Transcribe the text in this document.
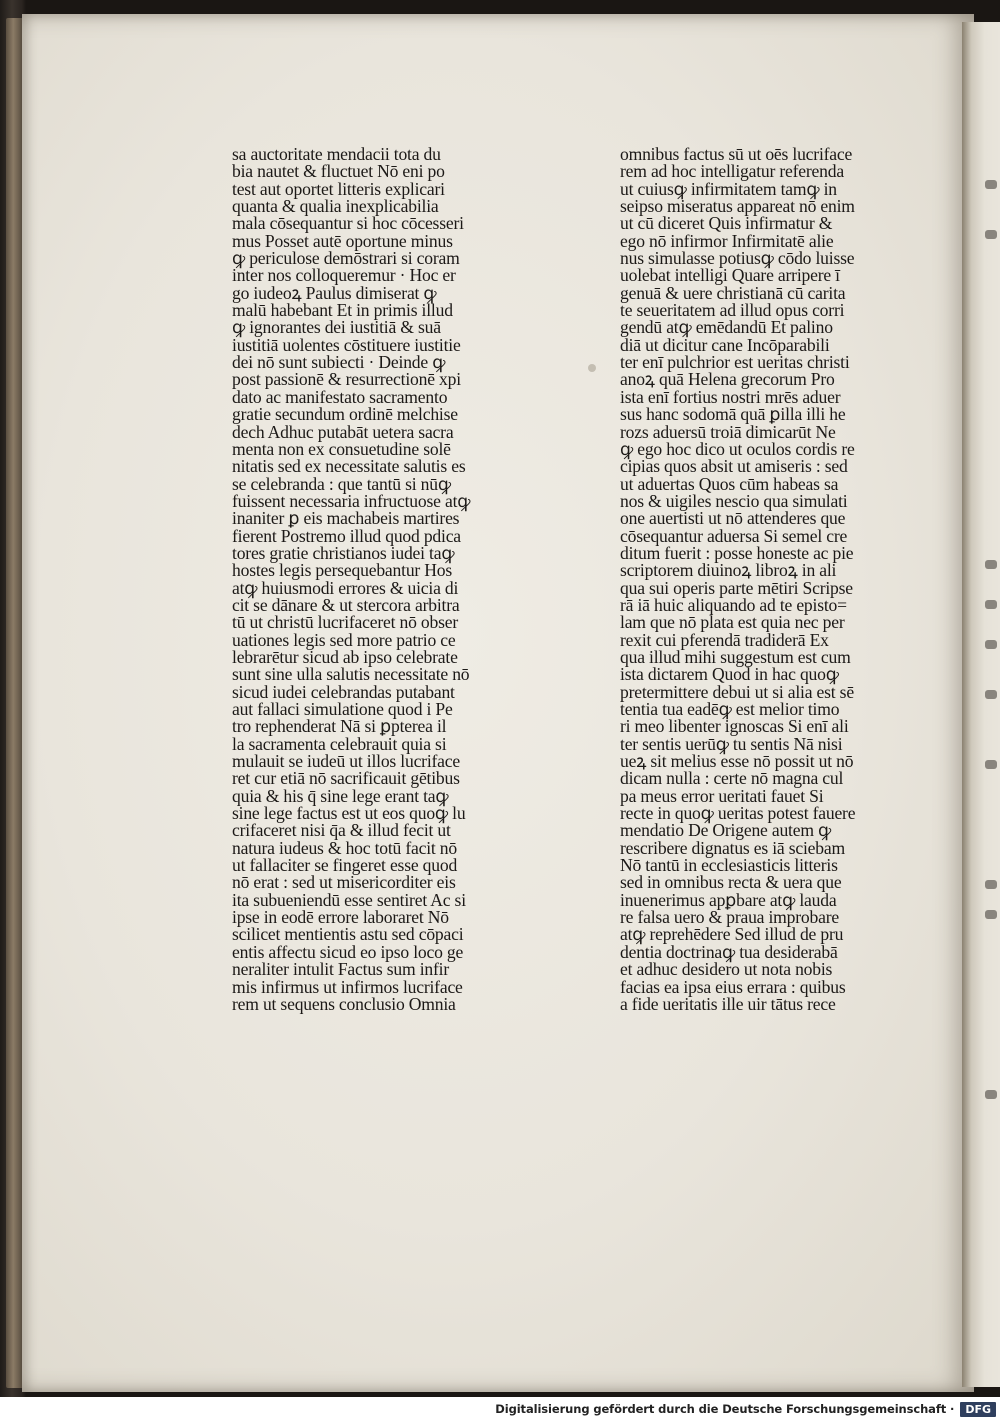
sa auctoritate mendacii tota du
bia nautet & fluctuet Nō eni po
test aut oportet litteris explicari
quanta & qualia inexplicabilia
mala cōsequantur si hoc cōcesseri
mus Posset autē oportune minus
ꝙ periculose demōstrari si coram
inter nos colloqueremur · Hoc er
go iudeoꝝ Paulus dimiserat ꝙ
malū habebant Et in primis illud
ꝙ ignorantes dei iustitiā & suā
iustitiā uolentes cōstituere iustitie
dei nō sunt subiecti · Deinde ꝙ
post passionē & resurrectionē xpi
dato ac manifestato sacramento
gratie secundum ordinē melchise
dech Adhuc putabāt uetera sacra
menta non ex consuetudine solē
nitatis sed ex necessitate salutis es
se celebranda : que tantū si nūꝙ
fuissent necessaria infructuose atꝙ
inaniter ꝑ eis machabeis martires
fierent Postremo illud quod pdica
tores gratie christianos iudei taꝙ
hostes legis persequebantur Hos
atꝙ huiusmodi errores & uicia di
cit se dānare & ut stercora arbitra
tū ut christū lucrifaceret nō obser
uationes legis sed more patrio ce
lebrarētur sicud ab ipso celebrate
sunt sine ulla salutis necessitate nō
sicud iudei celebrandas putabant
aut fallaci simulatione quod i Pe
tro rephenderat Nā si ꝑpterea il
la sacramenta celebrauit quia si
mulauit se iudeū ut illos lucriface
ret cur etiā nō sacrificauit gētibus
quia & his q̄ sine lege erant taꝙ
sine lege factus est ut eos quoꝙ lu
crifaceret nisi q̄a & illud fecit ut
natura iudeus & hoc totū facit nō
ut fallaciter se fingeret esse quod
nō erat : sed ut misericorditer eis
ita subueniendū esse sentiret Ac si
ipse in eodē errore laboraret Nō
scilicet mentientis astu sed cōpaci
entis affectu sicud eo ipso loco ge
neraliter intulit Factus sum infir
mis infirmus ut infirmos lucriface
rem ut sequens conclusio Omnia
omnibus factus sū ut oēs lucriface
rem ad hoc intelligatur referenda
ut cuiusꝙ infirmitatem tamꝙ in
seipso miseratus appareat nō enim
ut cū diceret Quis infirmatur &
ego nō infirmor Infirmitatē alie
nus simulasse potiusꝙ cōdo luisse
uolebat intelligi Quare arripere ī
genuā & uere christianā cū carita
te seueritatem ad illud opus corri
gendū atꝙ emēdandū Et palino
diā ut dicitur cane Incōparabili
ter enī pulchrior est ueritas christi
anoꝝ quā Helena grecorum Pro
ista enī fortius nostri mrēs aduer
sus hanc sodomā quā ꝑilla illi he
rozs aduersū troiā dimicarūt Ne
ꝙ ego hoc dico ut oculos cordis re
cipias quos absit ut amiseris : sed
ut aduertas Quos cūm habeas sa
nos & uigiles nescio qua simulati
one auertisti ut nō attenderes que
cōsequantur aduersa Si semel cre
ditum fuerit : posse honeste ac pie
scriptorem diuinoꝝ libroꝝ in ali
qua sui operis parte mētiri Scripse
rā iā huic aliquando ad te episto=
lam que nō plata est quia nec per
rexit cui pferendā tradiderā Ex
qua illud mihi suggestum est cum
ista dictarem Quod in hac quoꝙ
pretermittere debui ut si alia est sē
tentia tua eadēꝙ est melior timo
ri meo libenter ignoscas Si enī ali
ter sentis uerūꝙ tu sentis Nā nisi
ueꝝ sit melius esse nō possit ut nō
dicam nulla : certe nō magna cul
pa meus error ueritati fauet Si
recte in quoꝙ ueritas potest fauere
mendatio De Origene autem ꝙ
rescribere dignatus es iā sciebam
Nō tantū in ecclesiasticis litteris
sed in omnibus recta & uera que
inuenerimus apꝑbare atꝙ lauda
re falsa uero & praua improbare
atꝙ reprehēdere Sed illud de pru
dentia doctrinaꝙ tua desiderabā
et adhuc desidero ut nota nobis
facias ea ipsa eius errara : quibus
a fide ueritatis ille uir tātus rece
Digitalisierung gefördert durch die Deutsche Forschungsgemeinschaft ·	DFG
